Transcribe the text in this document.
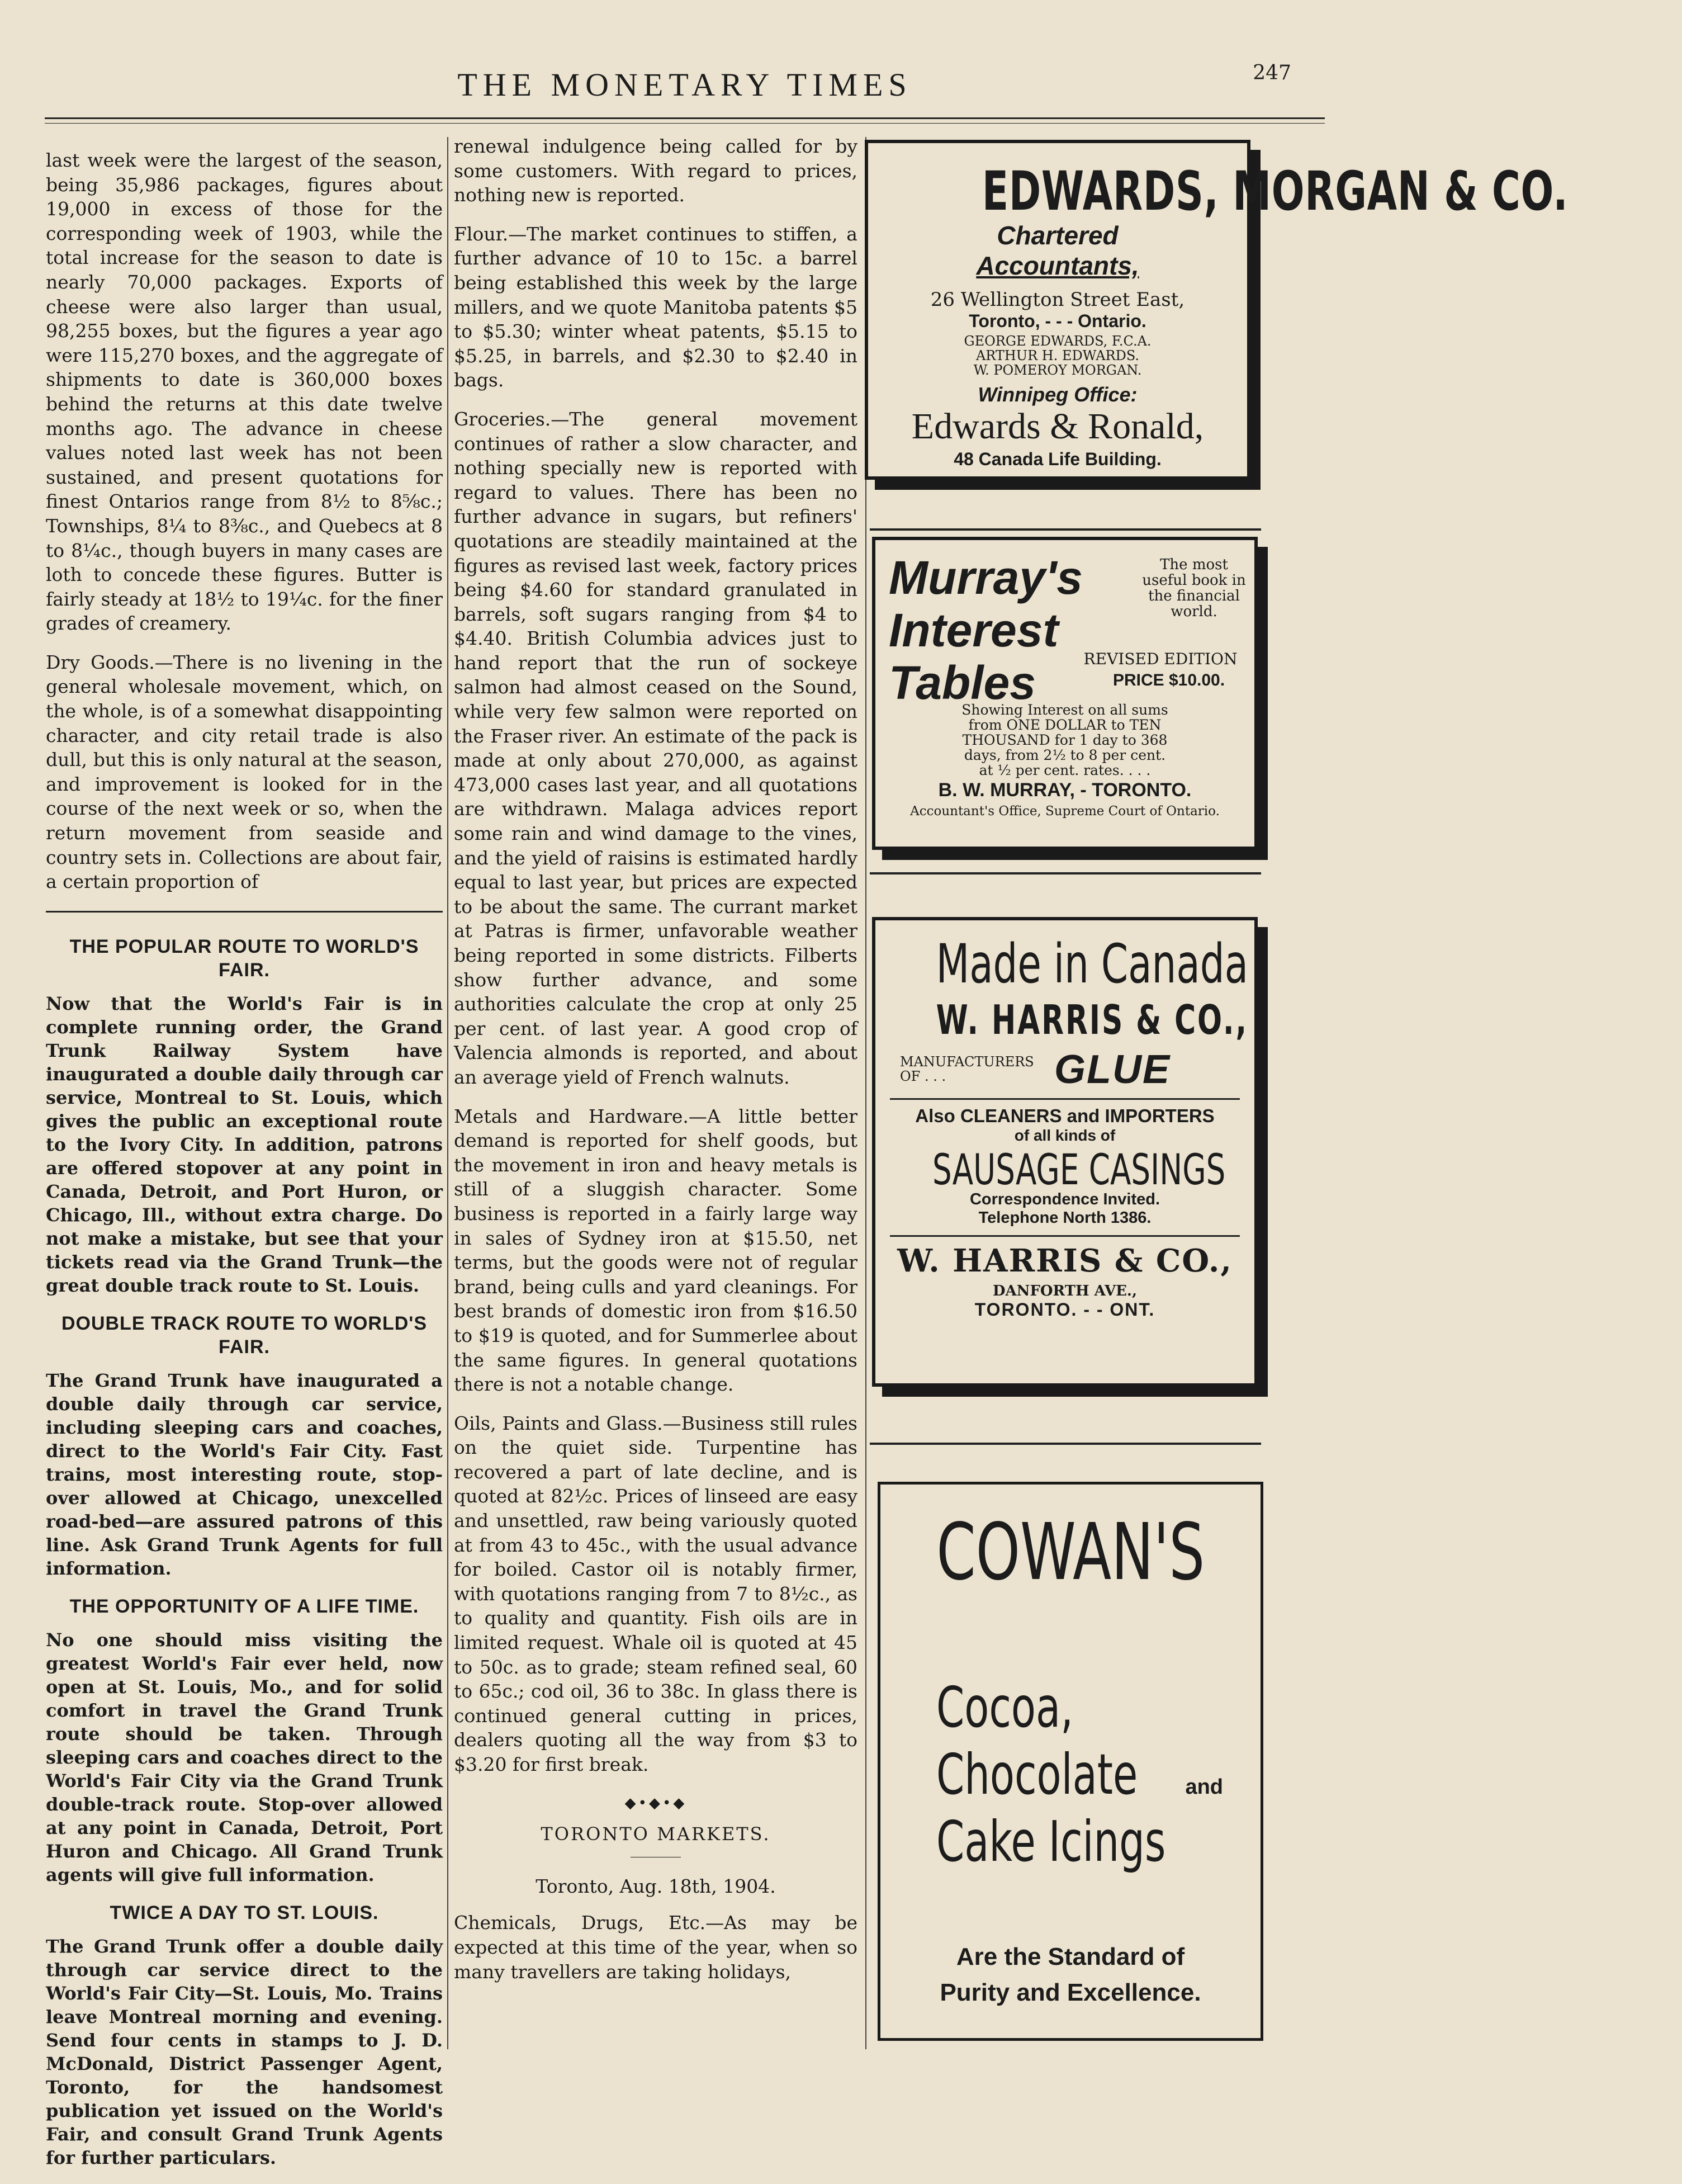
THE MONETARY TIMES	247

last week were the largest of the season, being 35,986 packages, figures about 19,000 in excess of those for the corresponding week of 1903, while the total increase for the season to date is nearly 70,000 packages. Exports of cheese were also larger than usual, 98,255 boxes, but the figures a year ago were 115,270 boxes, and the aggregate of shipments to date is 360,000 boxes behind the returns at this date twelve months ago. The advance in cheese values noted last week has not been sustained, and present quotations for finest Ontarios range from 8½ to 8⅝c.; Townships, 8¼ to 8⅜c., and Quebecs at 8 to 8¼c., though buyers in many cases are loth to concede these figures. Butter is fairly steady at 18½ to 19¼c. for the finer grades of creamery.

Dry Goods.—There is no livening in the general wholesale movement, which, on the whole, is of a somewhat disappointing character, and city retail trade is also dull, but this is only natural at the season, and improvement is looked for in the course of the next week or so, when the return movement from seaside and country sets in. Collections are about fair, a certain proportion of

THE POPULAR ROUTE TO WORLD'S FAIR.

Now that the World's Fair is in complete running order, the Grand Trunk Railway System have inaugurated a double daily through car service, Montreal to St. Louis, which gives the public an exceptional route to the Ivory City. In addition, patrons are offered stopover at any point in Canada, Detroit, and Port Huron, or Chicago, Ill., without extra charge. Do not make a mistake, but see that your tickets read via the Grand Trunk—the great double track route to St. Louis.

DOUBLE TRACK ROUTE TO WORLD'S FAIR.

The Grand Trunk have inaugurated a double daily through car service, including sleeping cars and coaches, direct to the World's Fair City. Fast trains, most interesting route, stop-over allowed at Chicago, unexcelled road-bed—are assured patrons of this line. Ask Grand Trunk Agents for full information.

THE OPPORTUNITY OF A LIFE TIME.

No one should miss visiting the greatest World's Fair ever held, now open at St. Louis, Mo., and for solid comfort in travel the Grand Trunk route should be taken. Through sleeping cars and coaches direct to the World's Fair City via the Grand Trunk double-track route. Stop-over allowed at any point in Canada, Detroit, Port Huron and Chicago. All Grand Trunk agents will give full information.

TWICE A DAY TO ST. LOUIS.

The Grand Trunk offer a double daily through car service direct to the World's Fair City—St. Louis, Mo. Trains leave Montreal morning and evening. Send four cents in stamps to J. D. McDonald, District Passenger Agent, Toronto, for the handsomest publication yet issued on the World's Fair, and consult Grand Trunk Agents for further particulars.

renewal indulgence being called for by some customers. With regard to prices, nothing new is reported.

Flour.—The market continues to stiffen, a further advance of 10 to 15c. a barrel being established this week by the large millers, and we quote Manitoba patents $5 to $5.30; winter wheat patents, $5.15 to $5.25, in barrels, and $2.30 to $2.40 in bags.

Groceries.—The general movement continues of rather a slow character, and nothing specially new is reported with regard to values. There has been no further advance in sugars, but refiners' quotations are steadily maintained at the figures as revised last week, factory prices being $4.60 for standard granulated in barrels, soft sugars ranging from $4 to $4.40. British Columbia advices just to hand report that the run of sockeye salmon had almost ceased on the Sound, while very few salmon were reported on the Fraser river. An estimate of the pack is made at only about 270,000, as against 473,000 cases last year, and all quotations are withdrawn. Malaga advices report some rain and wind damage to the vines, and the yield of raisins is estimated hardly equal to last year, but prices are expected to be about the same. The currant market at Patras is firmer, unfavorable weather being reported in some districts. Filberts show further advance, and some authorities calculate the crop at only 25 per cent. of last year. A good crop of Valencia almonds is reported, and about an average yield of French walnuts.

Metals and Hardware.—A little better demand is reported for shelf goods, but the movement in iron and heavy metals is still of a sluggish character. Some business is reported in a fairly large way in sales of Sydney iron at $15.50, net terms, but the goods were not of regular brand, being culls and yard cleanings. For best brands of domestic iron from $16.50 to $19 is quoted, and for Summerlee about the same figures. In general quotations there is not a notable change.

Oils, Paints and Glass.—Business still rules on the quiet side. Turpentine has recovered a part of late decline, and is quoted at 82½c. Prices of linseed are easy and unsettled, raw being variously quoted at from 43 to 45c., with the usual advance for boiled. Castor oil is notably firmer, with quotations ranging from 7 to 8½c., as to quality and quantity. Fish oils are in limited request. Whale oil is quoted at 45 to 50c. as to grade; steam refined seal, 60 to 65c.; cod oil, 36 to 38c. In glass there is continued general cutting in prices, dealers quoting all the way from $3 to $3.20 for first break.

◆•◆•◆
TORONTO MARKETS.
Toronto, Aug. 18th, 1904.

Chemicals, Drugs, Etc.—As may be expected at this time of the year, when so many travellers are taking holidays,

EDWARDS, MORGAN & CO.
Chartered
Accountants,
26 Wellington Street East,
Toronto, - - - Ontario.
GEORGE EDWARDS, F.C.A.
ARTHUR H. EDWARDS.
W. POMEROY MORGAN.
Winnipeg Office:
Edwards & Ronald,
48 Canada Life Building.
Murray's
Interest
Tables
The most useful book in the financial world.
REVISED EDITION
PRICE $10.00.
Showing Interest on all sums
from ONE DOLLAR to TEN
THOUSAND for 1 day to 368
days, from 2½ to 8 per cent.
at ½ per cent. rates. . . .
B. W. MURRAY, - TORONTO.
Accountant's Office, Supreme Court of Ontario.
Made in Canada
W. HARRIS & CO.,
MANUFACTURERS OF . . .	GLUE
Also CLEANERS and IMPORTERS
of all kinds of
SAUSAGE CASINGS
Correspondence Invited.
Telephone North 1386.
W. HARRIS & CO.,
DANFORTH AVE.,
TORONTO. - - ONT.
COWAN'S
Cocoa,
Chocolate and
Cake Icings
Are the Standard of
Purity and Excellence.
